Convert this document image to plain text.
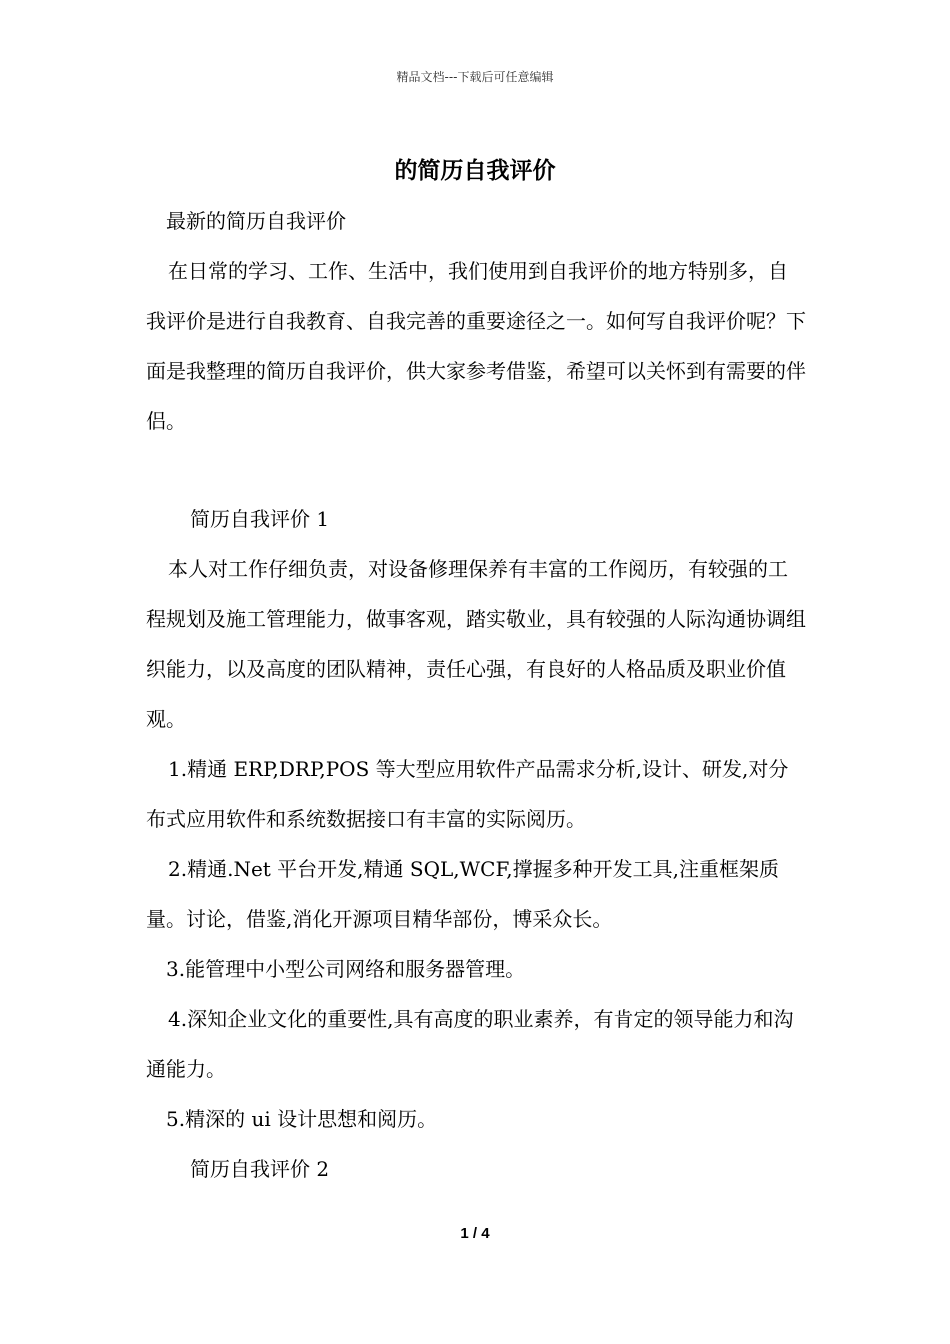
精品文档---下载后可任意编辑
的简历自我评价

最新的简历自我评价

在日常的学习、工作、生活中，我们使用到自我评价的地方特别多，自我评价是进行自我教育、自我完善的重要途径之一。如何写自我评价呢？下面是我整理的简历自我评价，供大家参考借鉴，希望可以关怀到有需要的伴侣。

简历自我评价 1

本人对工作仔细负责，对设备修理保养有丰富的工作阅历，有较强的工程规划及施工管理能力，做事客观，踏实敬业，具有较强的人际沟通协调组织能力，以及高度的团队精神，责任心强，有良好的人格品质及职业价值观。

1.精通 ERP,DRP,POS 等大型应用软件产品需求分析,设计、研发,对分布式应用软件和系统数据接口有丰富的实际阅历。

2.精通.Net 平台开发,精通 SQL,WCF,撑握多种开发工具,注重框架质量。讨论，借鉴,消化开源项目精华部份，博采众长。

3.能管理中小型公司网络和服务器管理。

4.深知企业文化的重要性,具有高度的职业素养，有肯定的领导能力和沟通能力。

5.精深的 ui 设计思想和阅历。

简历自我评价 2

1 / 4
